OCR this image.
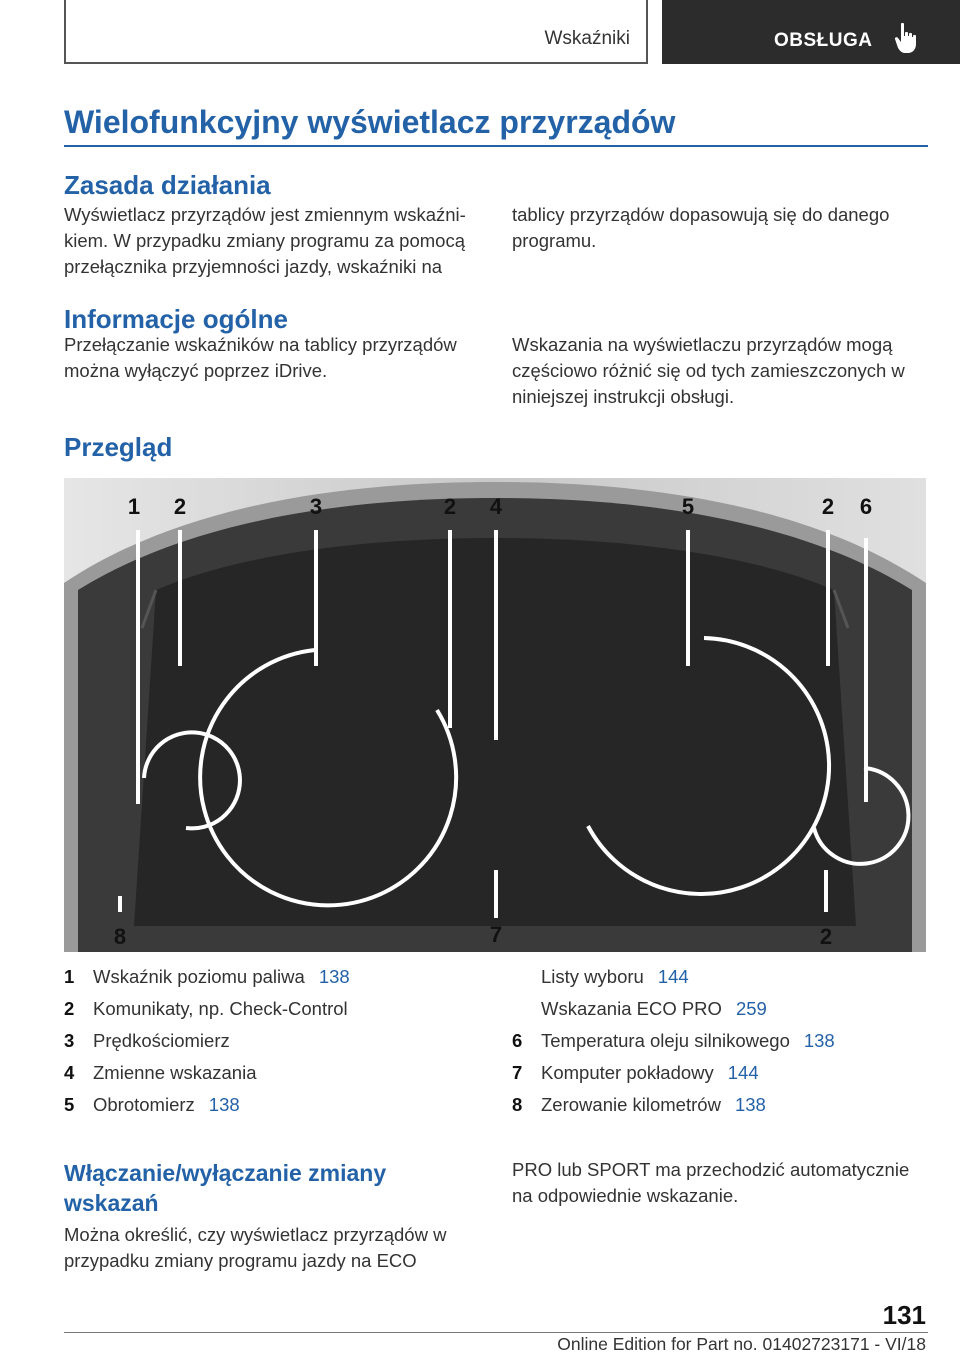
Wskaźniki	OBSŁUGA
Wielofunkcyjny wyświetlacz przyrządów
Zasada działania

Wyświetlacz przyrządów jest zmiennym wskaźni-kiem. W przypadku zmiany programu za pomocą przełącznika przyjemności jazdy, wskaźniki na

tablicy przyrządów dopasowują się do danego programu.

Informacje ogólne

Przełączanie wskaźników na tablicy przyrządów można wyłączyć poprzez iDrive.

Wskazania na wyświetlaczu przyrządów mogą częściowo różnić się od tych zamieszczonych w niniejszej instrukcji obsługi.

Przegląd
1 2	3	2 4	5	2 6
8	7	2
1 Wskaźnik poziomu paliwa 138
2 Komunikaty, np. Check-Control
3 Prędkościomierz
4 Zmienne wskazania
5 Obrotomierz 138
Listy wyboru 144
Wskazania ECO PRO 259
6 Temperatura oleju silnikowego 138
7 Komputer pokładowy 144
8 Zerowanie kilometrów 138
Włączanie/wyłączanie zmiany wskazań

Można określić, czy wyświetlacz przyrządów w przypadku zmiany programu jazdy na ECO

PRO lub SPORT ma przechodzić automatycznie na odpowiednie wskazanie.

131
Online Edition for Part no. 01402723171 - VI/18
